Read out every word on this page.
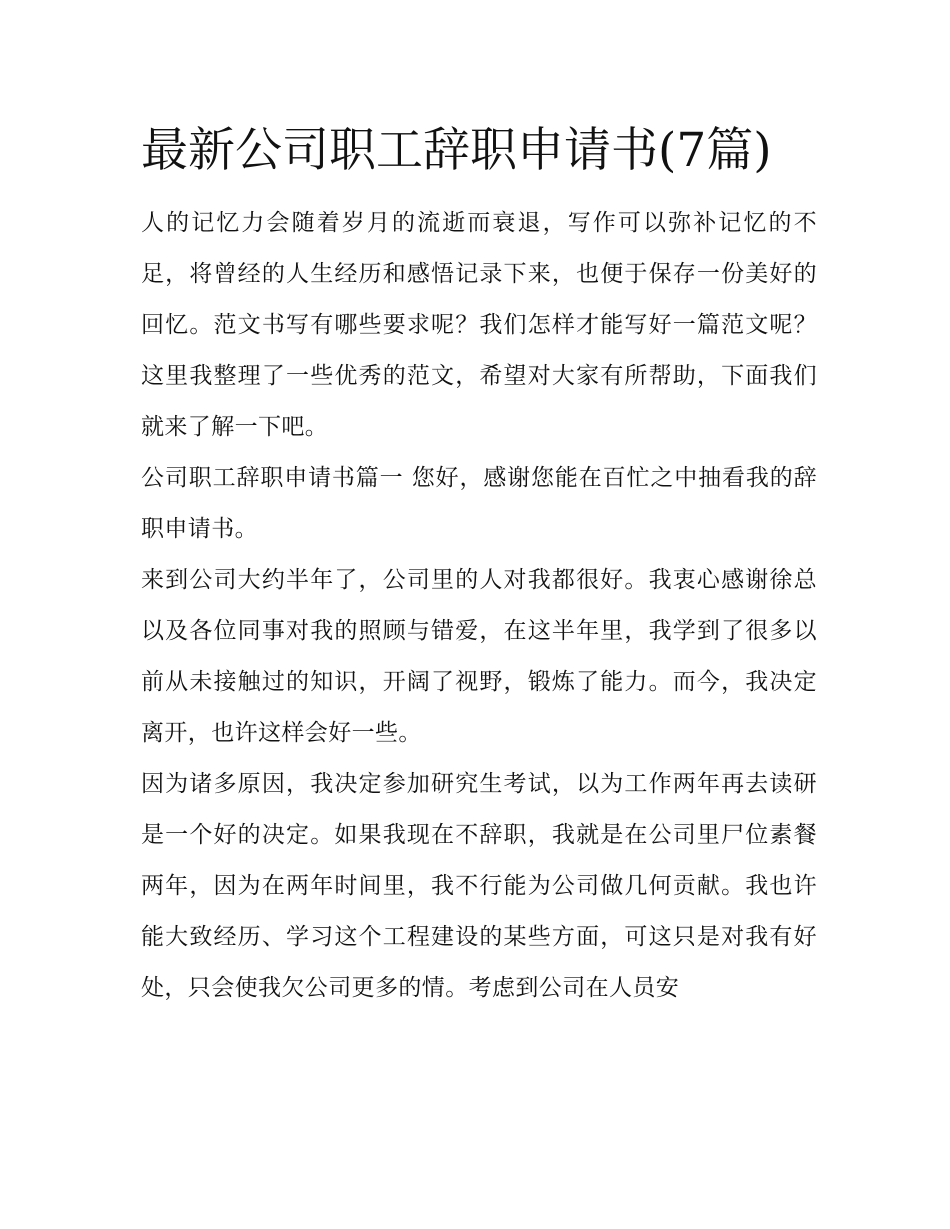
最新公司职工辞职申请书(7篇)

人的记忆力会随着岁月的流逝而衰退，写作可以弥补记忆的不足，将曾经的人生经历和感悟记录下来，也便于保存一份美好的回忆。范文书写有哪些要求呢？我们怎样才能写好一篇范文呢？这里我整理了一些优秀的范文，希望对大家有所帮助，下面我们就来了解一下吧。

公司职工辞职申请书篇一 您好，感谢您能在百忙之中抽看我的辞职申请书。

来到公司大约半年了，公司里的人对我都很好。我衷心感谢徐总以及各位同事对我的照顾与错爱，在这半年里，我学到了很多以前从未接触过的知识，开阔了视野，锻炼了能力。而今，我决定离开，也许这样会好一些。

因为诸多原因，我决定参加研究生考试，以为工作两年再去读研是一个好的决定。如果我现在不辞职，我就是在公司里尸位素餐两年，因为在两年时间里，我不行能为公司做几何贡献。我也许能大致经历、学习这个工程建设的某些方面，可这只是对我有好处，只会使我欠公司更多的情。考虑到公司在人员安
